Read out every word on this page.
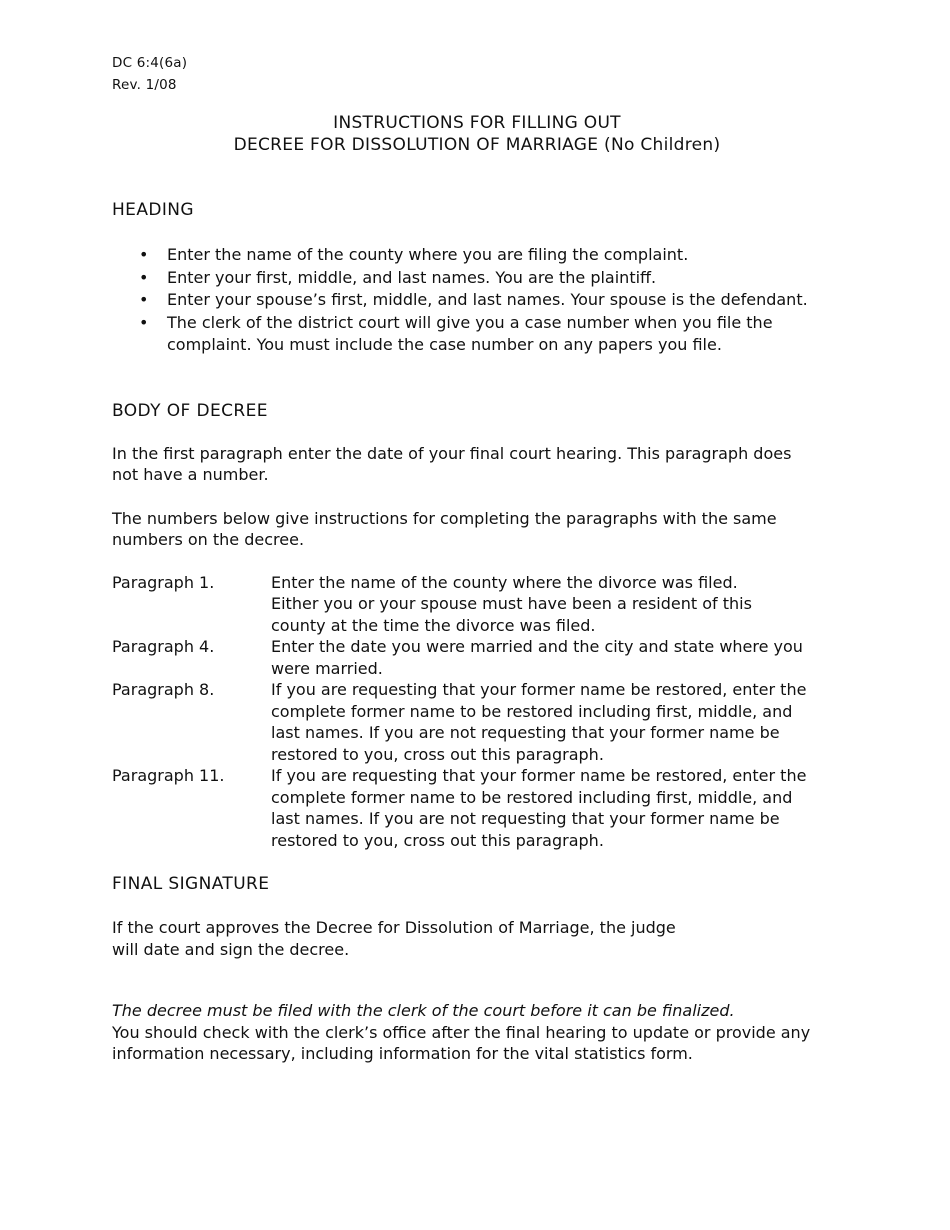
DC 6:4(6a)
Rev. 1/08
INSTRUCTIONS FOR FILLING OUT
DECREE FOR DISSOLUTION OF MARRIAGE (No Children)
HEADING
• Enter the name of the county where you are filing the complaint.
• Enter your first, middle, and last names. You are the plaintiff.
• Enter your spouse’s first, middle, and last names. Your spouse is the defendant.
• The clerk of the district court will give you a case number when you file the complaint. You must include the case number on any papers you file.
BODY OF DECREE
In the first paragraph enter the date of your final court hearing. This paragraph does not have a number.
The numbers below give instructions for completing the paragraphs with the same numbers on the decree.
Paragraph 1.	Enter the name of the county where the divorce was filed. Either you or your spouse must have been a resident of this county at the time the divorce was filed.
Paragraph 4.	Enter the date you were married and the city and state where you were married.
Paragraph 8.	If you are requesting that your former name be restored, enter the complete former name to be restored including first, middle, and last names. If you are not requesting that your former name be restored to you, cross out this paragraph.
Paragraph 11.	If you are requesting that your former name be restored, enter the complete former name to be restored including first, middle, and last names. If you are not requesting that your former name be restored to you, cross out this paragraph.
FINAL SIGNATURE
If the court approves the Decree for Dissolution of Marriage, the judge will date and sign the decree.
The decree must be filed with the clerk of the court before it can be finalized.
You should check with the clerk’s office after the final hearing to update or provide any information necessary, including information for the vital statistics form.
